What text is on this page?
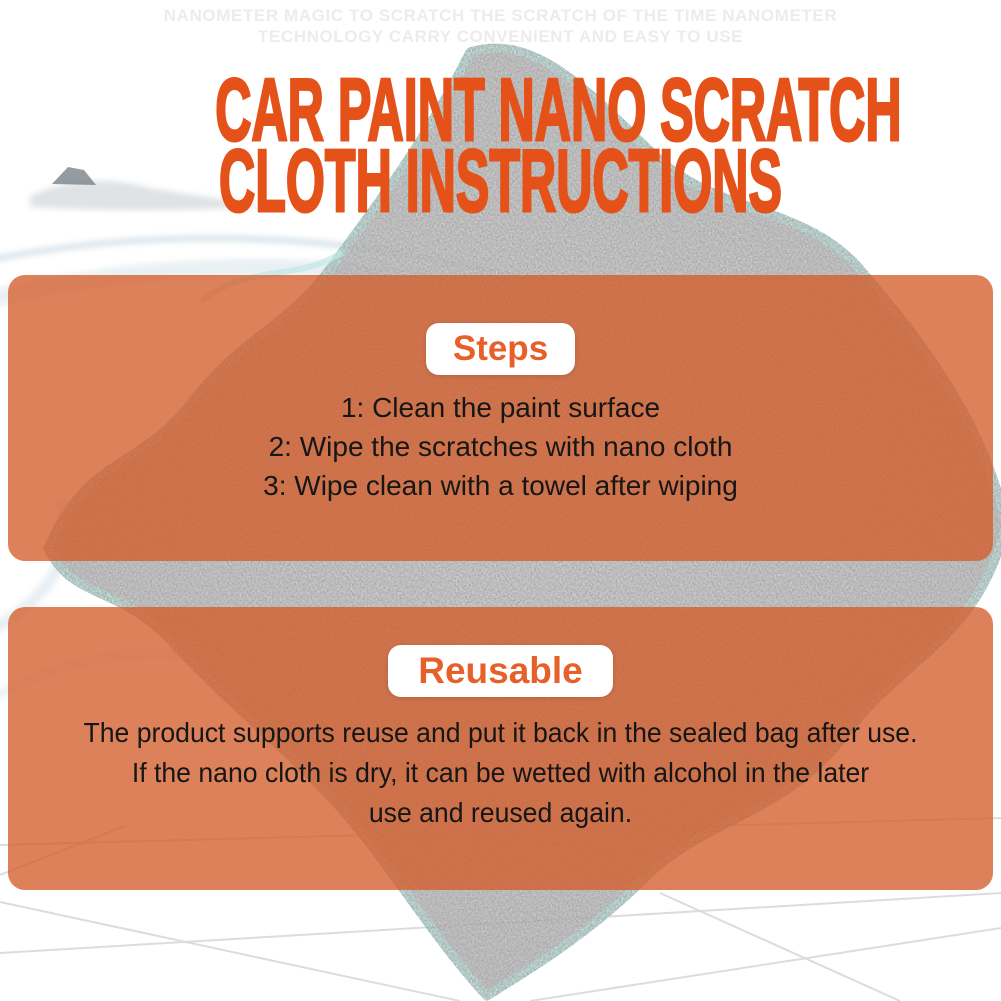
NANOMETER MAGIC TO SCRATCH THE SCRATCH OF THE TIME NANOMETER
TECHNOLOGY CARRY CONVENIENT AND EASY TO USE
CAR PAINT NANO SCRATCH
CLOTH INSTRUCTIONS
Steps
1: Clean the paint surface
2: Wipe the scratches with nano cloth
3: Wipe clean with a towel after wiping
Reusable

The product supports reuse and put it back in the sealed bag after use.
If the nano cloth is dry, it can be wetted with alcohol in the later
use and reused again.
